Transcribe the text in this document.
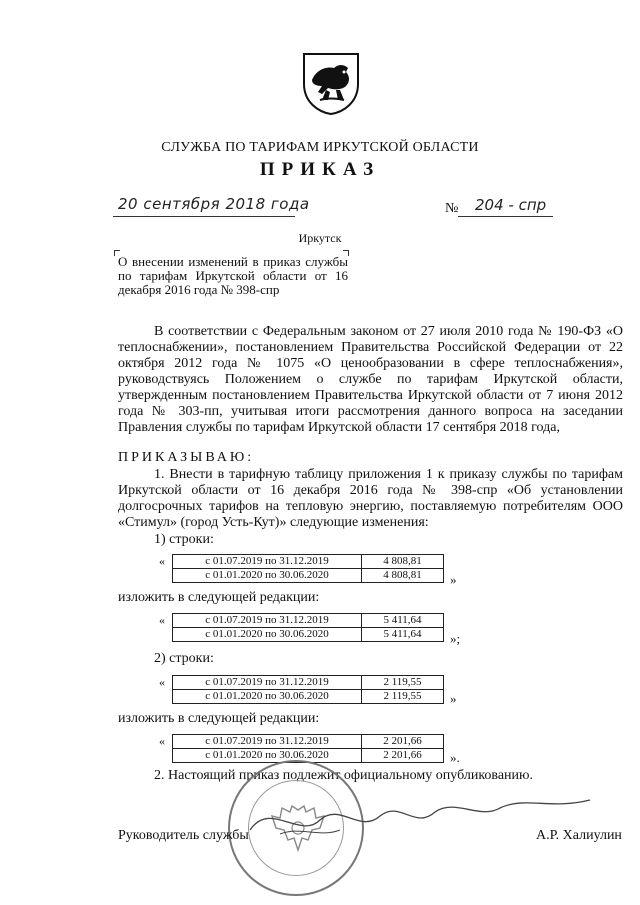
СЛУЖБА ПО ТАРИФАМ ИРКУТСКОЙ ОБЛАСТИ
ПРИКАЗ
20 сентября 2018 года	№ 204 - спр
Иркутск
О внесении изменений в приказ службы по тарифам Иркутской области от 16 декабря 2016 года № 398-спр
В соответствии с Федеральным законом от 27 июля 2010 года № 190-ФЗ «О теплоснабжении», постановлением Правительства Российской Федерации от 22 октября 2012 года № 1075 «О ценообразовании в сфере теплоснабжения», руководствуясь Положением о службе по тарифам Иркутской области, утвержденным постановлением Правительства Иркутской области от 7 июня 2012 года № 303-пп, учитывая итоги рассмотрения данного вопроса на заседании Правления службы по тарифам Иркутской области 17 сентября 2018 года,
ПРИКАЗЫВАЮ:
1. Внести в тарифную таблицу приложения 1 к приказу службы по тарифам Иркутской области от 16 декабря 2016 года № 398-спр «Об установлении долгосрочных тарифов на тепловую энергию, поставляемую потребителям ООО «Стимул» (город Усть-Кут)» следующие изменения:
1) строки:
«	с 01.07.2019 по 31.12.2019	4 808,81
с 01.01.2020 по 30.06.2020	4 808,81 »
изложить в следующей редакции:
«	с 01.07.2019 по 31.12.2019	5 411,64
с 01.01.2020 по 30.06.2020	5 411,64 »;
2) строки:
«	с 01.07.2019 по 31.12.2019	2 119,55
с 01.01.2020 по 30.06.2020	2 119,55 »
изложить в следующей редакции:
«	с 01.07.2019 по 31.12.2019	2 201,66
с 01.01.2020 по 30.06.2020	2 201,66 ».
2. Настоящий приказ подлежит официальному опубликованию.
Руководитель службы	А.Р. Халиулин
